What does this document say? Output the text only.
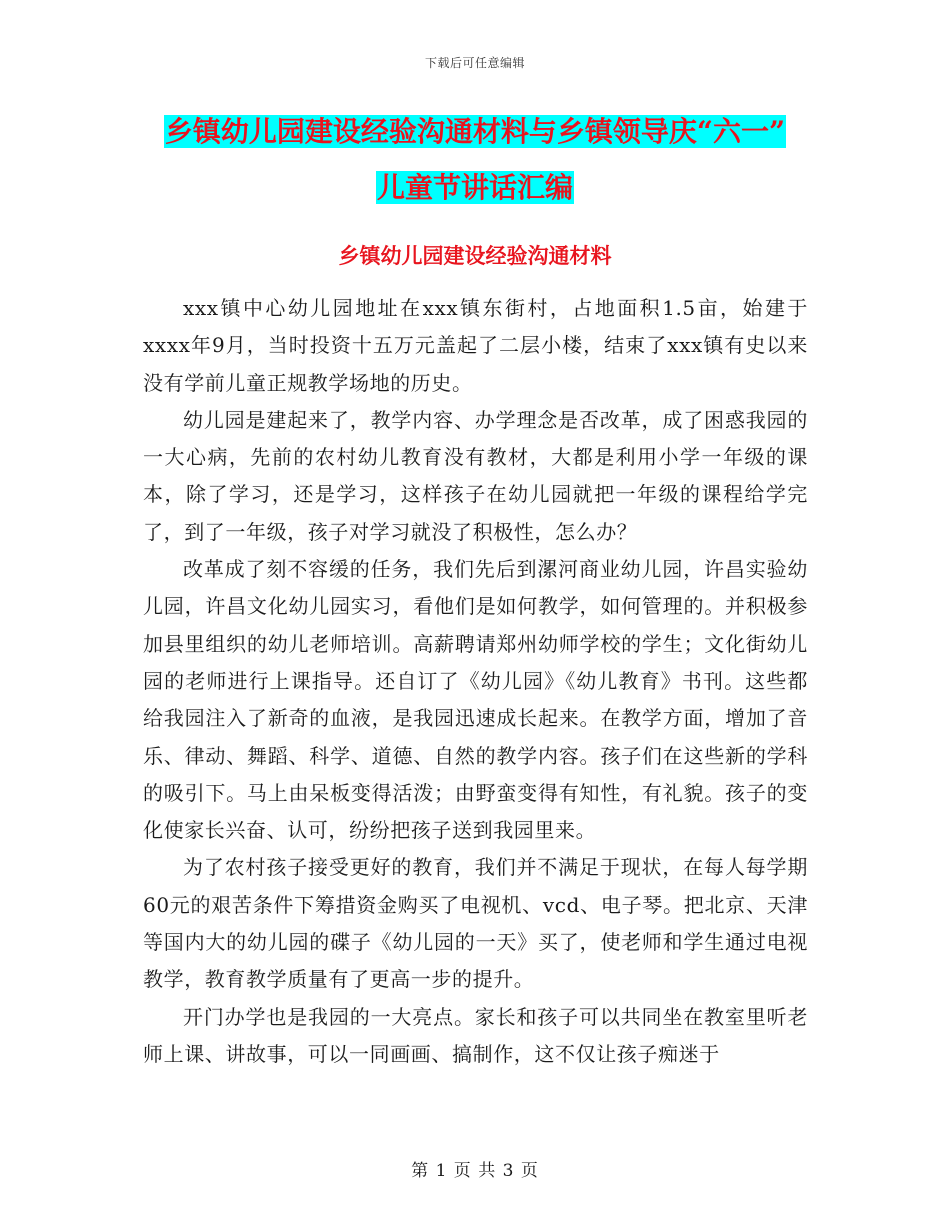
下载后可任意编辑
乡镇幼儿园建设经验沟通材料与乡镇领导庆“六一”
儿童节讲话汇编
乡镇幼儿园建设经验沟通材料

xxx镇中心幼儿园地址在xxx镇东街村，占地面积1.5亩，始建于xxxx年9月，当时投资十五万元盖起了二层小楼，结束了xxx镇有史以来没有学前儿童正规教学场地的历史。

幼儿园是建起来了，教学内容、办学理念是否改革，成了困惑我园的一大心病，先前的农村幼儿教育没有教材，大都是利用小学一年级的课本，除了学习，还是学习，这样孩子在幼儿园就把一年级的课程给学完了，到了一年级，孩子对学习就没了积极性，怎么办？

改革成了刻不容缓的任务，我们先后到漯河商业幼儿园，许昌实验幼儿园，许昌文化幼儿园实习，看他们是如何教学，如何管理的。并积极参加县里组织的幼儿老师培训。高薪聘请郑州幼师学校的学生；文化街幼儿园的老师进行上课指导。还自订了《幼儿园》《幼儿教育》书刊。这些都给我园注入了新奇的血液，是我园迅速成长起来。在教学方面，增加了音乐、律动、舞蹈、科学、道德、自然的教学内容。孩子们在这些新的学科的吸引下。马上由呆板变得活泼；由野蛮变得有知性，有礼貌。孩子的变化使家长兴奋、认可，纷纷把孩子送到我园里来。

为了农村孩子接受更好的教育，我们并不满足于现状，在每人每学期60元的艰苦条件下筹措资金购买了电视机、vcd、电子琴。把北京、天津等国内大的幼儿园的碟子《幼儿园的一天》买了，使老师和学生通过电视教学，教育教学质量有了更高一步的提升。

开门办学也是我园的一大亮点。家长和孩子可以共同坐在教室里听老师上课、讲故事，可以一同画画、搞制作，这不仅让孩子痴迷于

第 1 页 共 3 页
